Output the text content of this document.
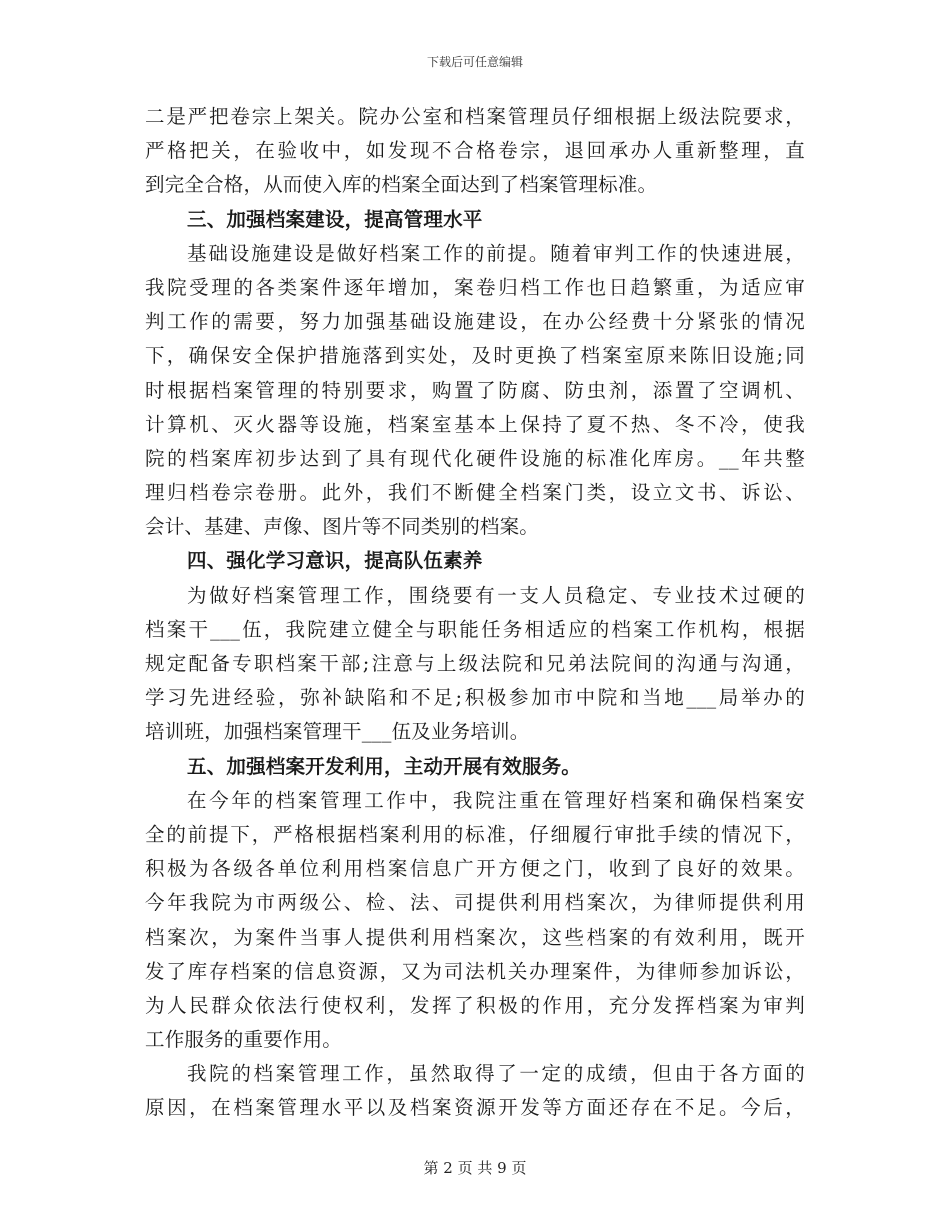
下载后可任意编辑
二是严把卷宗上架关。院办公室和档案管理员仔细根据上级法院要求，
严格把关，在验收中，如发现不合格卷宗，退回承办人重新整理，直
到完全合格，从而使入库的档案全面达到了档案管理标准。
三、加强档案建设，提高管理水平
基础设施建设是做好档案工作的前提。随着审判工作的快速进展，
我院受理的各类案件逐年增加，案卷归档工作也日趋繁重，为适应审
判工作的需要，努力加强基础设施建设，在办公经费十分紧张的情况
下，确保安全保护措施落到实处，及时更换了档案室原来陈旧设施;同
时根据档案管理的特别要求，购置了防腐、防虫剂，添置了空调机、
计算机、灭火器等设施，档案室基本上保持了夏不热、冬不冷，使我
院的档案库初步达到了具有现代化硬件设施的标准化库房。__年共整
理归档卷宗卷册。此外，我们不断健全档案门类，设立文书、诉讼、
会计、基建、声像、图片等不同类别的档案。
四、强化学习意识，提高队伍素养
为做好档案管理工作，围绕要有一支人员稳定、专业技术过硬的
档案干___伍，我院建立健全与职能任务相适应的档案工作机构，根据
规定配备专职档案干部;注意与上级法院和兄弟法院间的沟通与沟通，
学习先进经验，弥补缺陷和不足;积极参加市中院和当地___局举办的
培训班，加强档案管理干___伍及业务培训。
五、加强档案开发利用，主动开展有效服务。
在今年的档案管理工作中，我院注重在管理好档案和确保档案安
全的前提下，严格根据档案利用的标准，仔细履行审批手续的情况下，
积极为各级各单位利用档案信息广开方便之门，收到了良好的效果。
今年我院为市两级公、检、法、司提供利用档案次，为律师提供利用
档案次，为案件当事人提供利用档案次，这些档案的有效利用，既开
发了库存档案的信息资源，又为司法机关办理案件，为律师参加诉讼，
为人民群众依法行使权利，发挥了积极的作用，充分发挥档案为审判
工作服务的重要作用。
我院的档案管理工作，虽然取得了一定的成绩，但由于各方面的
原因，在档案管理水平以及档案资源开发等方面还存在不足。今后，
第 2 页 共 9 页
